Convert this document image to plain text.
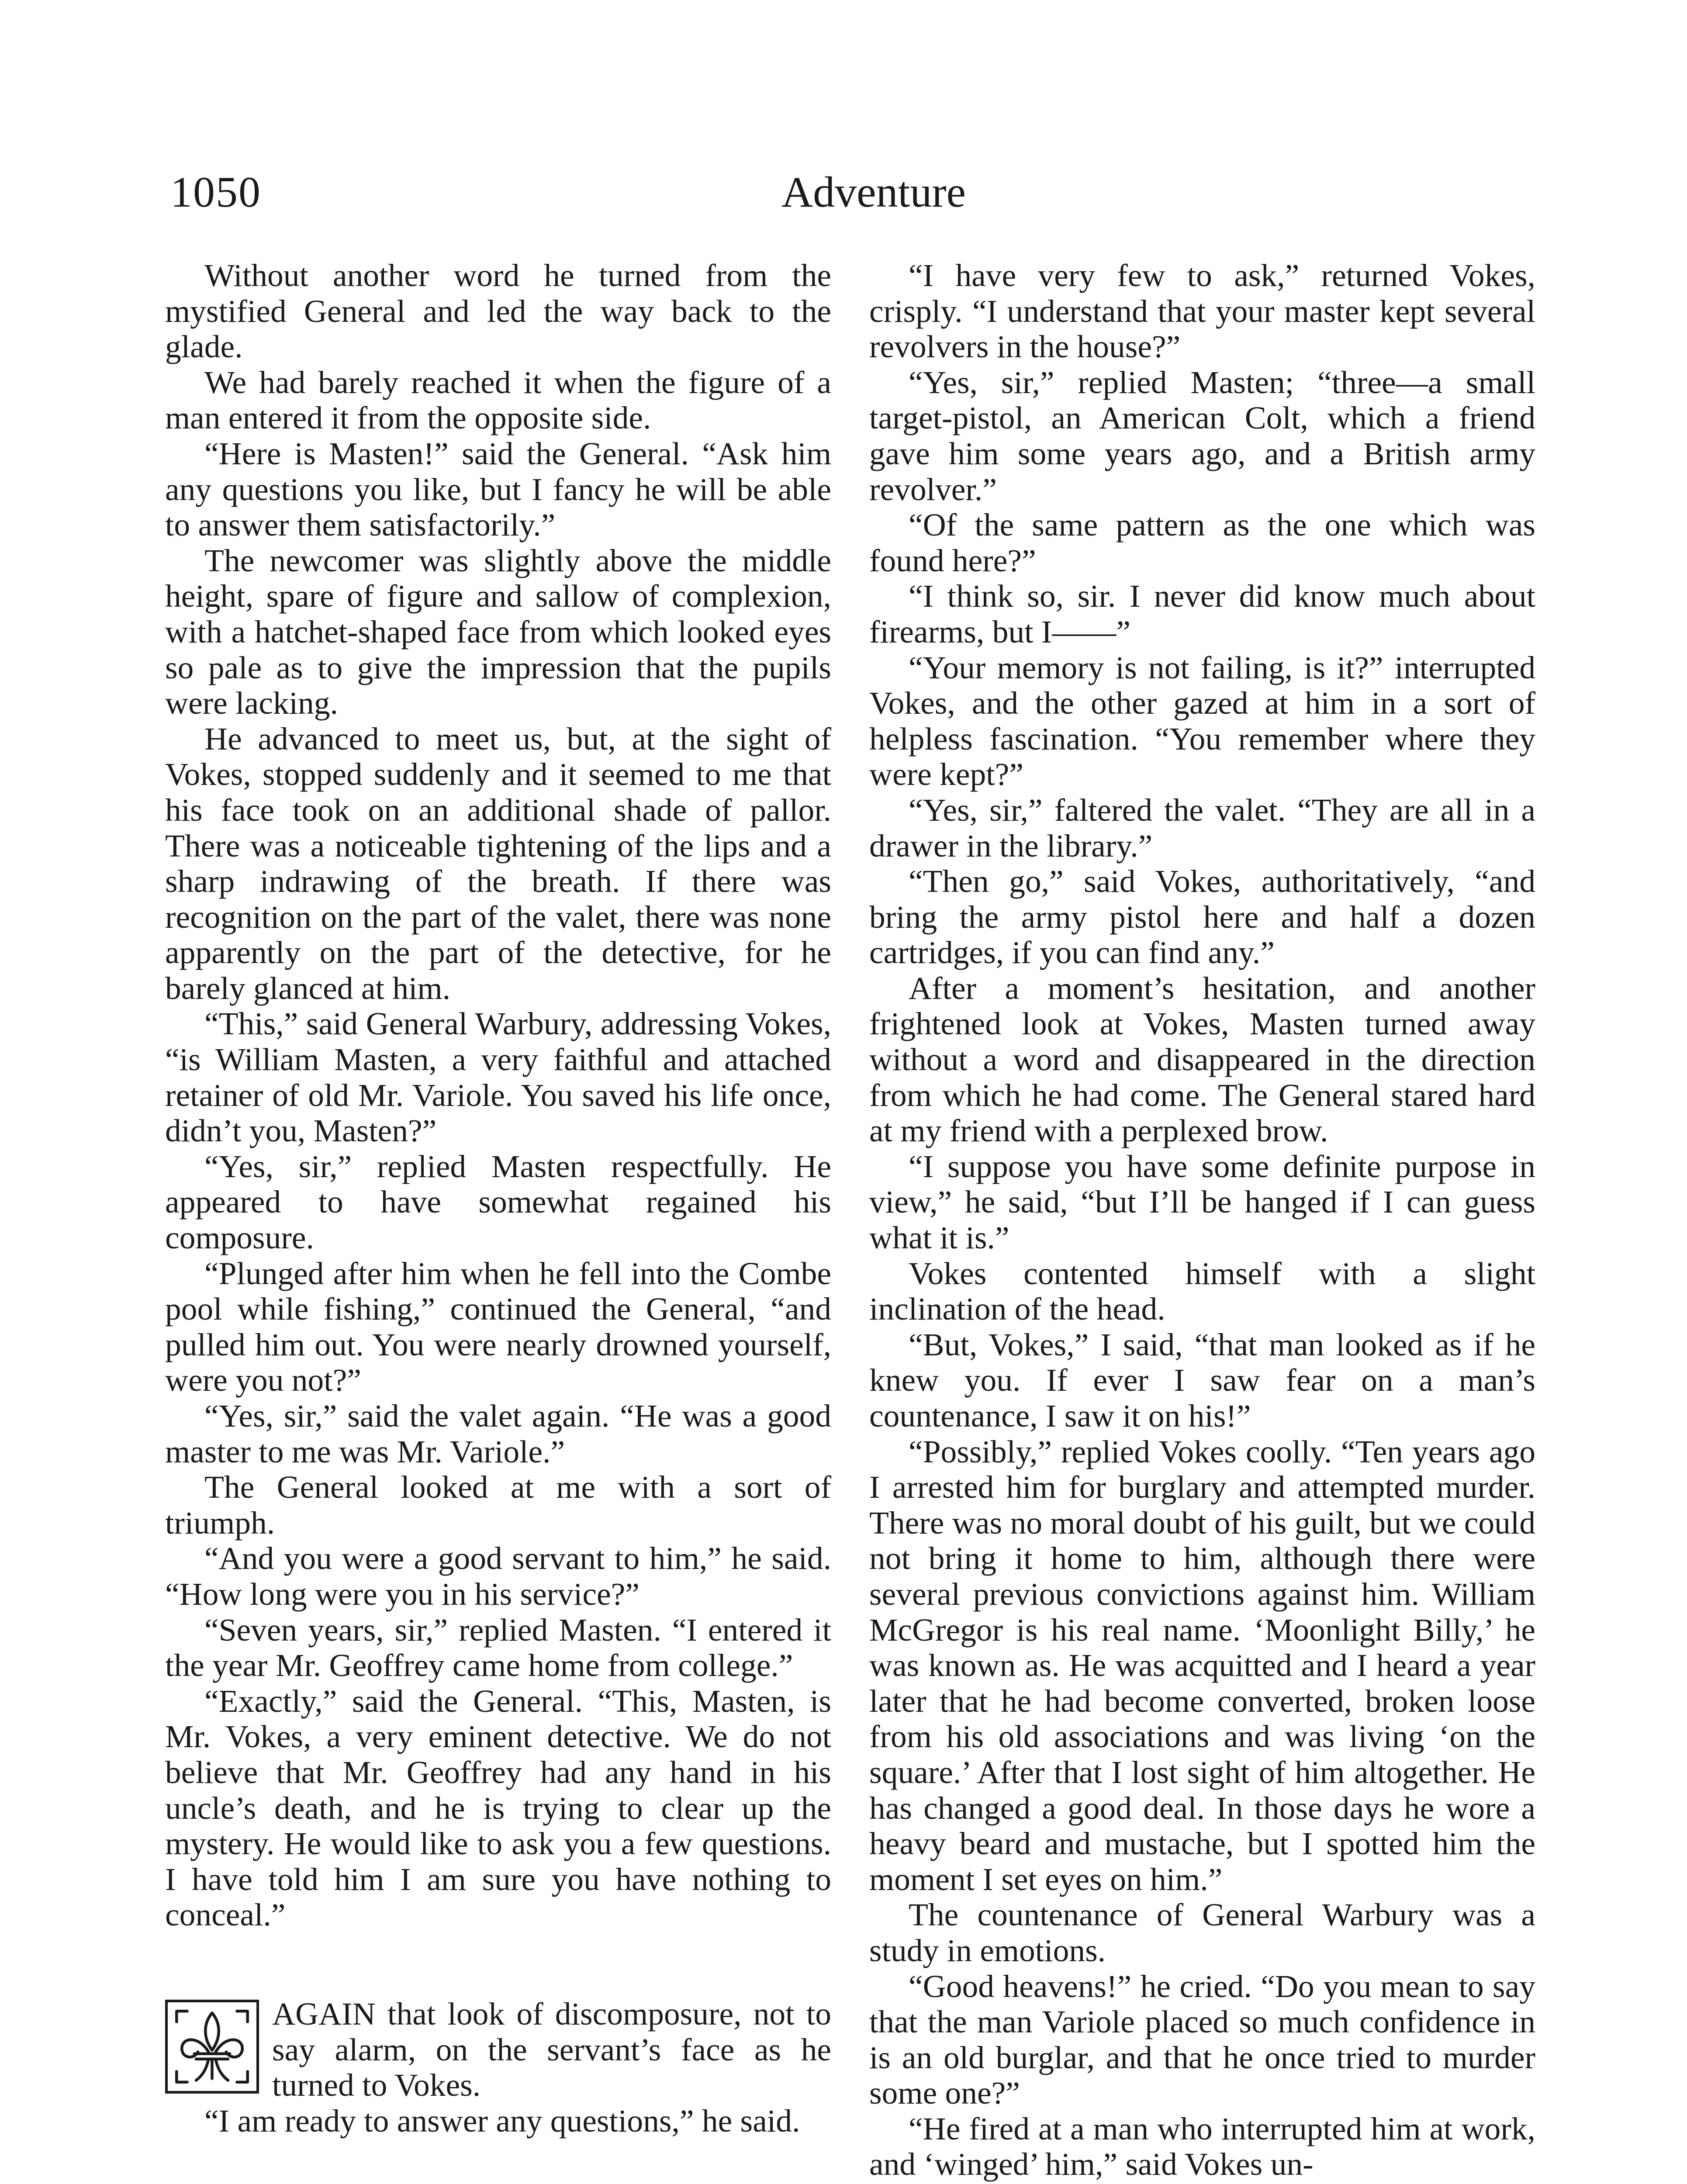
1050	Adventure

Without another word he turned from the mystified General and led the way back to the glade.

We had barely reached it when the figure of a man entered it from the opposite side.

“Here is Masten!” said the General. “Ask him any questions you like, but I fancy he will be able to answer them satisfactorily.”

The newcomer was slightly above the middle height, spare of figure and sallow of complexion, with a hatchet-shaped face from which looked eyes so pale as to give the impression that the pupils were lacking.

He advanced to meet us, but, at the sight of Vokes, stopped suddenly and it seemed to me that his face took on an additional shade of pallor. There was a noticeable tightening of the lips and a sharp indrawing of the breath. If there was recognition on the part of the valet, there was none apparently on the part of the detective, for he barely glanced at him.

“This,” said General Warbury, addressing Vokes, “is William Masten, a very faithful and attached retainer of old Mr. Variole. You saved his life once, didn’t you, Masten?”

“Yes, sir,” replied Masten respectfully. He appeared to have somewhat regained his composure.

“Plunged after him when he fell into the Combe pool while fishing,” continued the General, “and pulled him out. You were nearly drowned yourself, were you not?”

“Yes, sir,” said the valet again. “He was a good master to me was Mr. Variole.”

The General looked at me with a sort of triumph.

“And you were a good servant to him,” he said. “How long were you in his service?”

“Seven years, sir,” replied Masten. “I entered it the year Mr. Geoffrey came home from college.”

“Exactly,” said the General. “This, Masten, is Mr. Vokes, a very eminent detective. We do not believe that Mr. Geoffrey had any hand in his uncle’s death, and he is trying to clear up the mystery. He would like to ask you a few questions. I have told him I am sure you have nothing to conceal.”

AGAIN that look of discomposure, not to say alarm, on the servant’s face as he turned to Vokes.

“I am ready to answer any questions,” he said.

“I have very few to ask,” returned Vokes, crisply. “I understand that your master kept several revolvers in the house?”

“Yes, sir,” replied Masten; “three—a small target-pistol, an American Colt, which a friend gave him some years ago, and a British army revolver.”

“Of the same pattern as the one which was found here?”

“I think so, sir. I never did know much about firearms, but I——”

“Your memory is not failing, is it?” interrupted Vokes, and the other gazed at him in a sort of helpless fascination. “You remember where they were kept?”

“Yes, sir,” faltered the valet. “They are all in a drawer in the library.”

“Then go,” said Vokes, authoritatively, “and bring the army pistol here and half a dozen cartridges, if you can find any.”

After a moment’s hesitation, and another frightened look at Vokes, Masten turned away without a word and disappeared in the direction from which he had come. The General stared hard at my friend with a perplexed brow.

“I suppose you have some definite purpose in view,” he said, “but I’ll be hanged if I can guess what it is.”

Vokes contented himself with a slight inclination of the head.

“But, Vokes,” I said, “that man looked as if he knew you. If ever I saw fear on a man’s countenance, I saw it on his!”

“Possibly,” replied Vokes coolly. “Ten years ago I arrested him for burglary and attempted murder. There was no moral doubt of his guilt, but we could not bring it home to him, although there were several previous convictions against him. William McGregor is his real name. ‘Moonlight Billy,’ he was known as. He was acquitted and I heard a year later that he had become converted, broken loose from his old associations and was living ‘on the square.’ After that I lost sight of him altogether. He has changed a good deal. In those days he wore a heavy beard and mustache, but I spotted him the moment I set eyes on him.”

The countenance of General Warbury was a study in emotions.

“Good heavens!” he cried. “Do you mean to say that the man Variole placed so much confidence in is an old burglar, and that he once tried to murder some one?”

“He fired at a man who interrupted him at work, and ‘winged’ him,” said Vokes un-
